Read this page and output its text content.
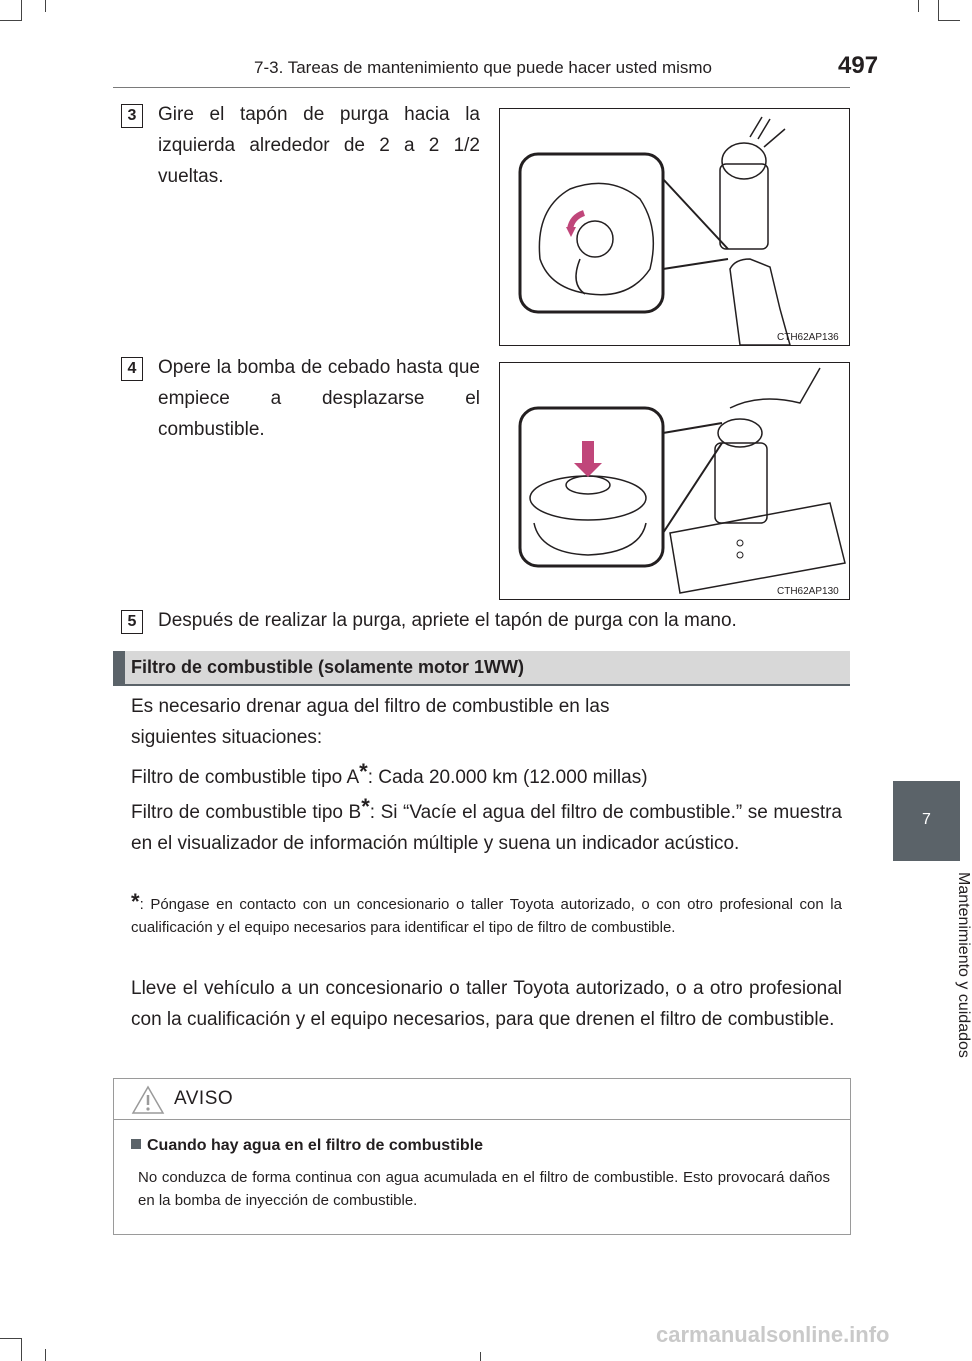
7-3. Tareas de mantenimiento que puede hacer usted mismo	497
7
Mantenimiento y cuidados
3	Gire el tapón de purga hacia la izquierda alrededor de 2 a 2 1/2 vueltas.
CTH62AP136
4	Opere la bomba de cebado hasta que empiece a desplazarse el combustible.
CTH62AP130
5	Después de realizar la purga, apriete el tapón de purga con la mano.
Filtro de combustible (solamente motor 1WW)
Es necesario drenar agua del filtro de combustible en las siguientes situaciones:
Filtro de combustible tipo A*: Cada 20.000 km (12.000 millas)
Filtro de combustible tipo B*: Si “Vacíe el agua del filtro de combustible.” se muestra en el visualizador de información múltiple y suena un indicador acústico.
*: Póngase en contacto con un concesionario o taller Toyota autorizado, o con otro profesional con la cualificación y el equipo necesarios para identificar el tipo de filtro de combustible.
Lleve el vehículo a un concesionario o taller Toyota autorizado, o a otro profesional con la cualificación y el equipo necesarios, para que drenen el filtro de combustible.
AVISO
Cuando hay agua en el filtro de combustible
No conduzca de forma continua con agua acumulada en el filtro de combustible. Esto provocará daños en la bomba de inyección de combustible.
carmanualsonline.info
